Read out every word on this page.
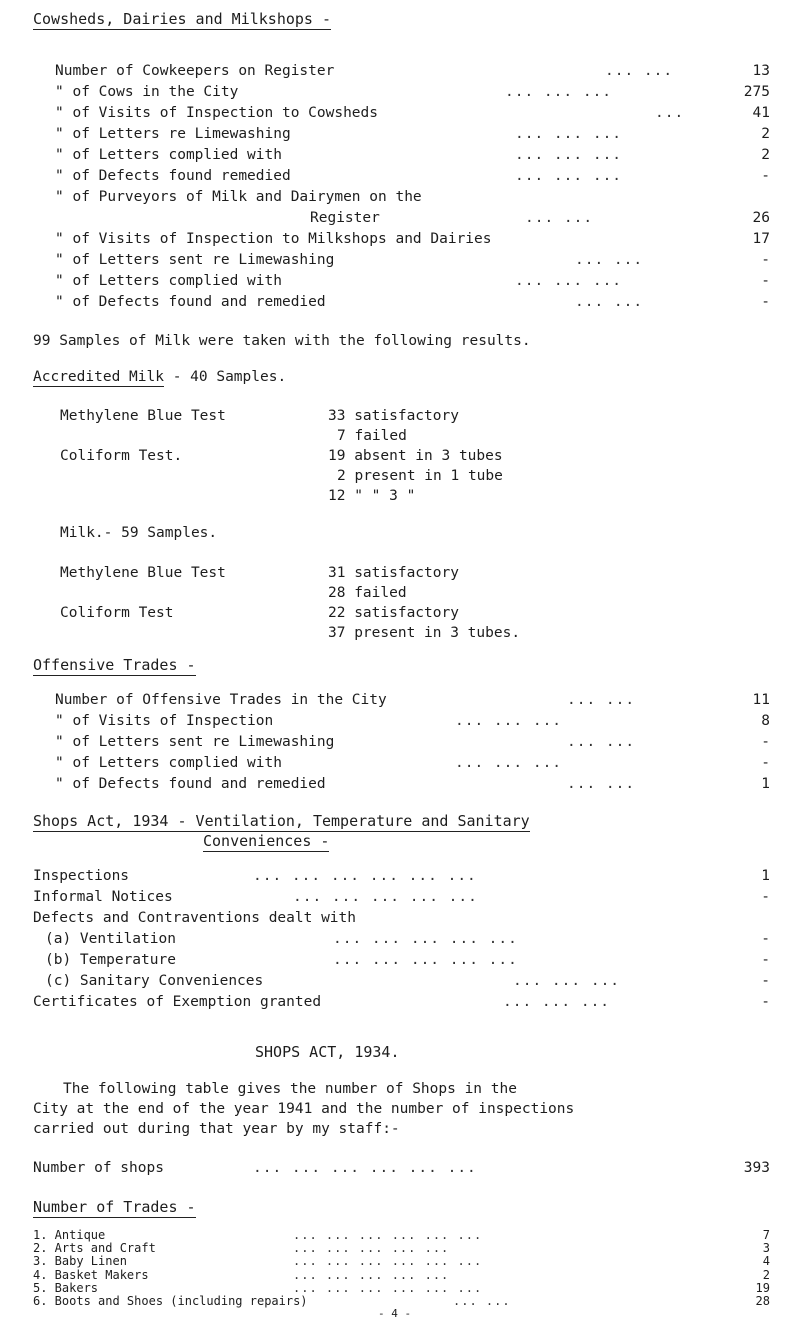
Cowsheds, Dairies and Milkshops -
Number of Cowkeepers on Register	... ...	13
" of Cows in the City	... ... ...	275
" of Visits of Inspection to Cowsheds	...	41
" of Letters re Limewashing	... ... ...	2
" of Letters complied with	... ... ...	2
" of Defects found remedied	... ... ...	-
" of Purveyors of Milk and Dairymen on the
Register	... ...	26
" of Visits of Inspection to Milkshops and Dairies	17
" of Letters sent re Limewashing	... ...	-
" of Letters complied with	... ... ...	-
" of Defects found and remedied	... ...	-
99 Samples of Milk were taken with the following results.
Accredited Milk - 40 Samples.
Methylene Blue Test	33 satisfactory
7 failed
Coliform Test.	19 absent in 3 tubes
2 present in 1 tube
12 " " 3 "
Milk.- 59 Samples.
Methylene Blue Test	31 satisfactory
28 failed
Coliform Test	22 satisfactory
37 present in 3 tubes.
Offensive Trades -
Number of Offensive Trades in the City	... ...	11
" of Visits of Inspection	... ... ...	8
" of Letters sent re Limewashing	... ...	-
" of Letters complied with	... ... ...	-
" of Defects found and remedied	... ...	1
Shops Act, 1934 - Ventilation, Temperature and Sanitary
Conveniences -
Inspections	... ... ... ... ... ...	1
Informal Notices	... ... ... ... ...	-
Defects and Contraventions dealt with
(a) Ventilation	... ... ... ... ...	-
(b) Temperature	... ... ... ... ...	-
(c) Sanitary Conveniences	... ... ...	-
Certificates of Exemption granted	... ... ...	-
SHOPS ACT, 1934.
The following table gives the number of Shops in the
City at the end of the year 1941 and the number of inspections
carried out during that year by my staff:-
Number of shops	... ... ... ... ... ...	393
Number of Trades -
1. Antique	... ... ... ... ... ...	7
2. Arts and Craft	... ... ... ... ...	3
3. Baby Linen	... ... ... ... ... ...	4
4. Basket Makers	... ... ... ... ...	2
5. Bakers	... ... ... ... ... ...	19
6. Boots and Shoes (including repairs)	... ...	28
- 4 -
